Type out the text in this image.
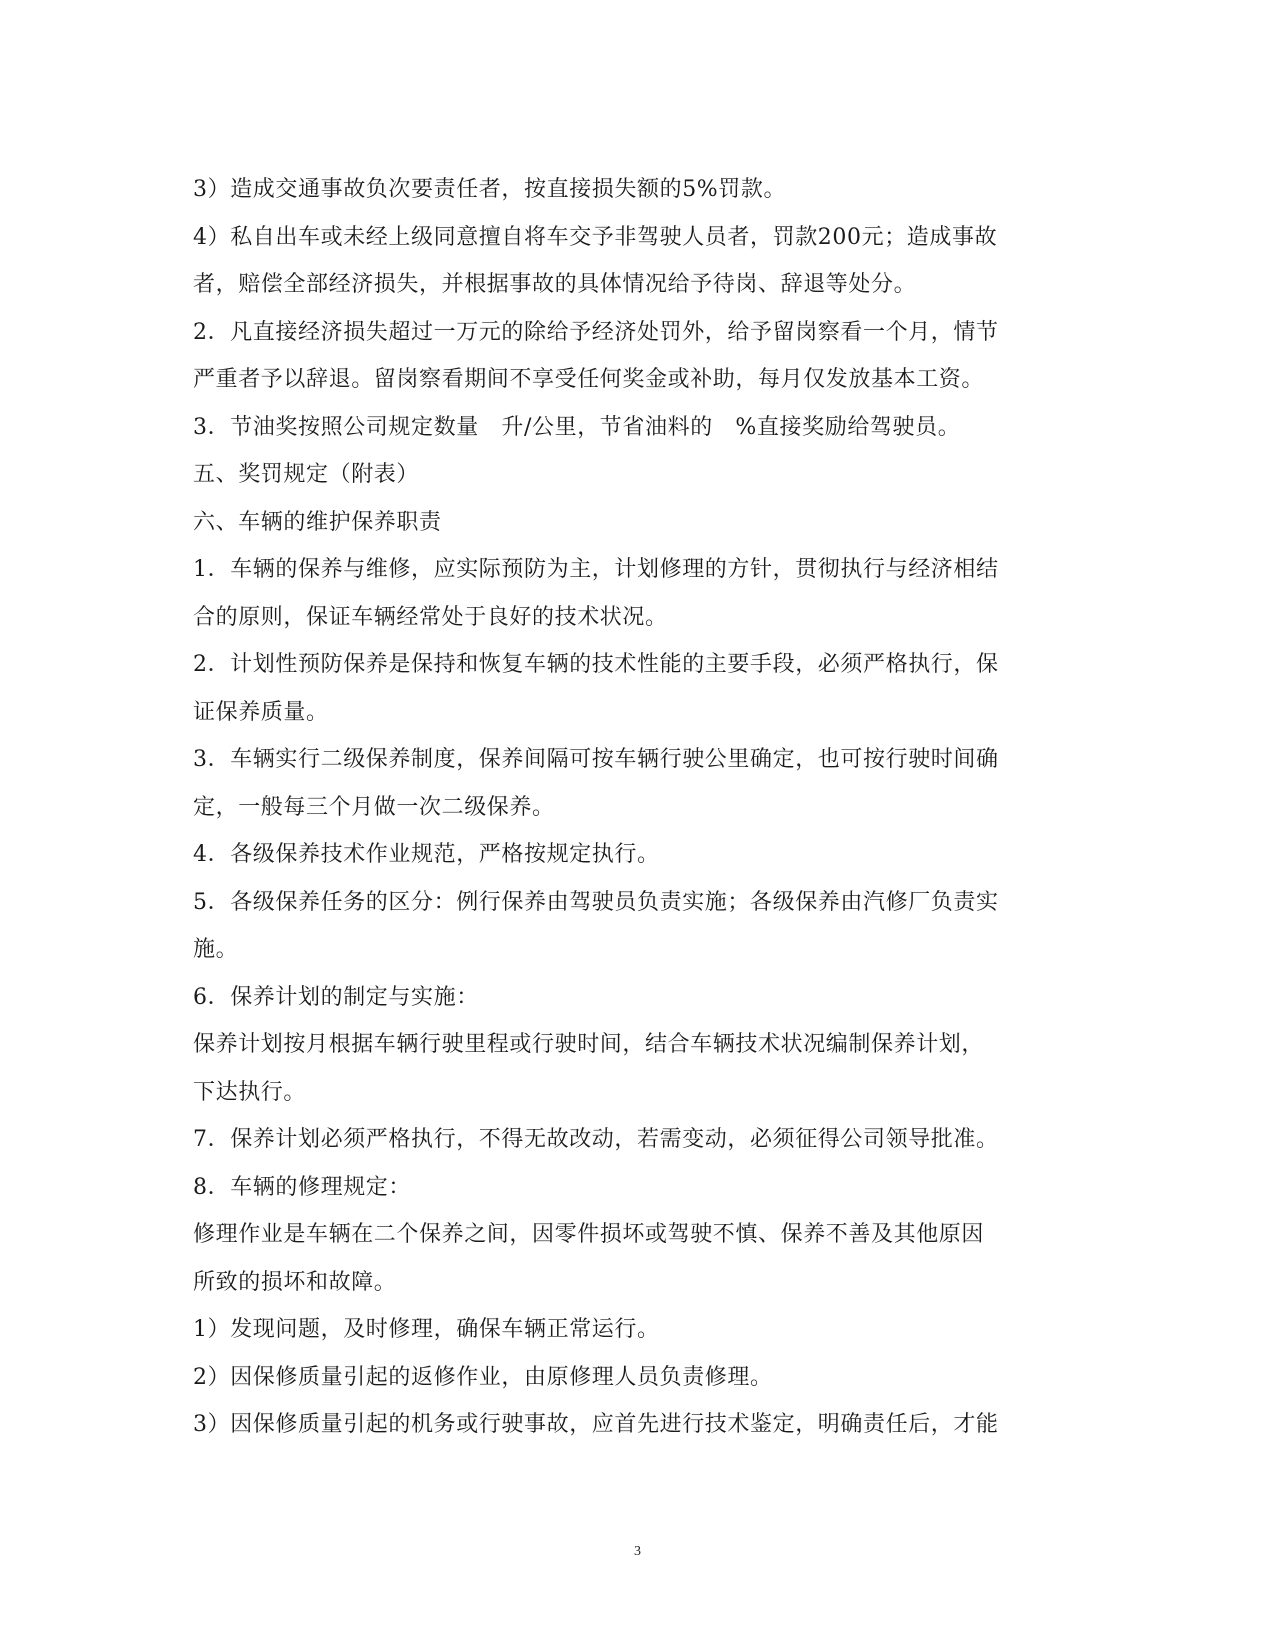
3）造成交通事故负次要责任者，按直接损失额的5%罚款。
4）私自出车或未经上级同意擅自将车交予非驾驶人员者，罚款200元；造成事故
者，赔偿全部经济损失，并根据事故的具体情况给予待岗、辞退等处分。
2．凡直接经济损失超过一万元的除给予经济处罚外，给予留岗察看一个月，情节
严重者予以辞退。留岗察看期间不享受任何奖金或补助，每月仅发放基本工资。
3．节油奖按照公司规定数量　升/公里，节省油料的　%直接奖励给驾驶员。
五、奖罚规定（附表）
六、车辆的维护保养职责
1．车辆的保养与维修，应实际预防为主，计划修理的方针，贯彻执行与经济相结
合的原则，保证车辆经常处于良好的技术状况。
2．计划性预防保养是保持和恢复车辆的技术性能的主要手段，必须严格执行，保
证保养质量。
3．车辆实行二级保养制度，保养间隔可按车辆行驶公里确定，也可按行驶时间确
定，一般每三个月做一次二级保养。
4．各级保养技术作业规范，严格按规定执行。
5．各级保养任务的区分：例行保养由驾驶员负责实施；各级保养由汽修厂负责实
施。
6．保养计划的制定与实施：
保养计划按月根据车辆行驶里程或行驶时间，结合车辆技术状况编制保养计划，
下达执行。
7．保养计划必须严格执行，不得无故改动，若需变动，必须征得公司领导批准。
8．车辆的修理规定：
修理作业是车辆在二个保养之间，因零件损坏或驾驶不慎、保养不善及其他原因
所致的损坏和故障。
1）发现问题，及时修理，确保车辆正常运行。
2）因保修质量引起的返修作业，由原修理人员负责修理。
3）因保修质量引起的机务或行驶事故，应首先进行技术鉴定，明确责任后，才能
3
